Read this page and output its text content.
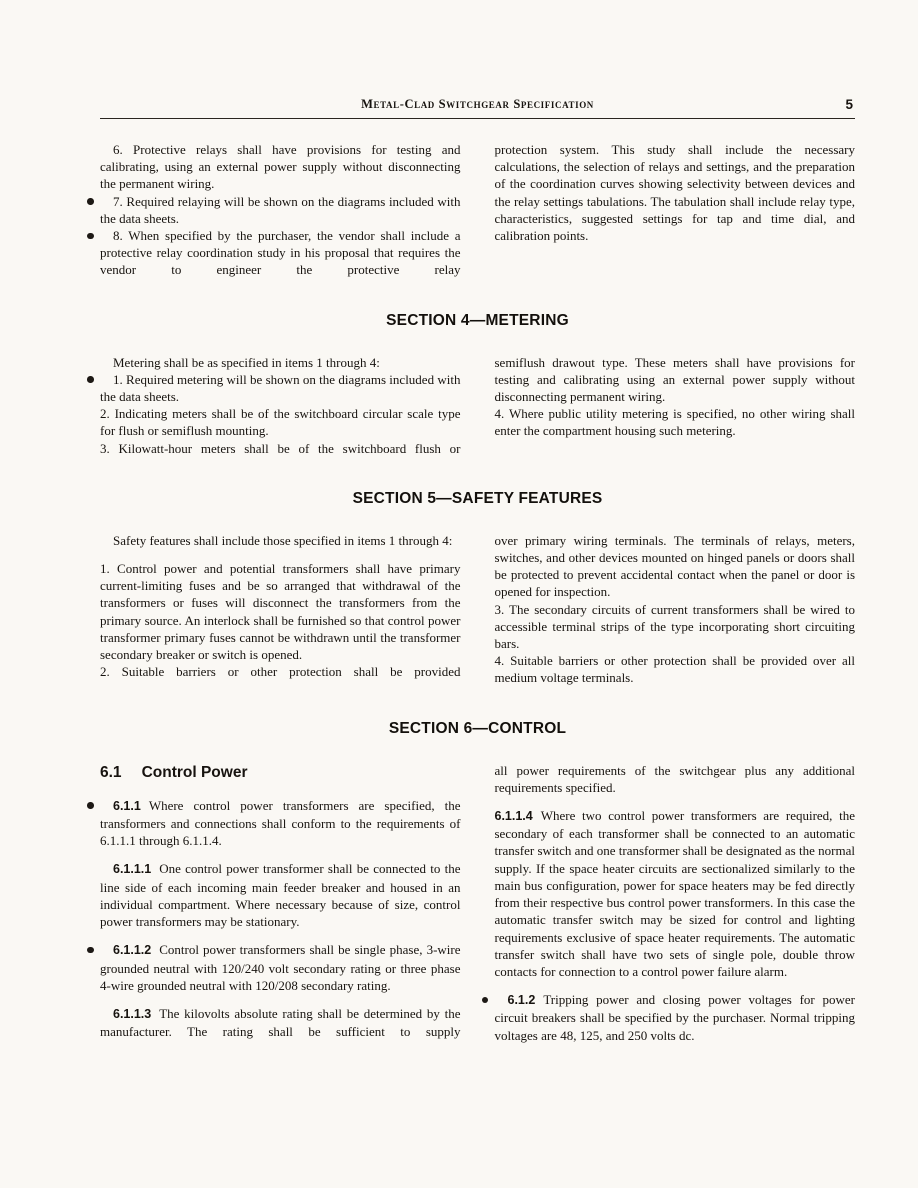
Metal-Clad Switchgear Specification	5

6. Protective relays shall have provisions for testing and calibrating, using an external power supply without disconnecting the permanent wiring.

7. Required relaying will be shown on the diagrams included with the data sheets.

8. When specified by the purchaser, the vendor shall include a protective relay coordination study in his proposal that requires the vendor to engineer the protective relay

protection system. This study shall include the necessary calculations, the selection of relays and settings, and the preparation of the coordination curves showing selectivity between devices and the relay settings tabulations. The tabulation shall include relay type, characteristics, suggested settings for tap and time dial, and calibration points.

SECTION 4—METERING

Metering shall be as specified in items 1 through 4:

1. Required metering will be shown on the diagrams included with the data sheets.

2. Indicating meters shall be of the switchboard circular scale type for flush or semiflush mounting.

3. Kilowatt-hour meters shall be of the switchboard flush or

semiflush drawout type. These meters shall have provisions for testing and calibrating using an external power supply without disconnecting permanent wiring.

4. Where public utility metering is specified, no other wiring shall enter the compartment housing such metering.

SECTION 5—SAFETY FEATURES

Safety features shall include those specified in items 1 through 4:

1. Control power and potential transformers shall have primary current-limiting fuses and be so arranged that withdrawal of the transformers or fuses will disconnect the transformers from the primary source. An interlock shall be furnished so that control power transformer primary fuses cannot be withdrawn until the transformer secondary breaker or switch is opened.

2. Suitable barriers or other protection shall be provided

over primary wiring terminals. The terminals of relays, meters, switches, and other devices mounted on hinged panels or doors shall be protected to prevent accidental contact when the panel or door is opened for inspection.

3. The secondary circuits of current transformers shall be wired to accessible terminal strips of the type incorporating short circuiting bars.

4. Suitable barriers or other protection shall be provided over all medium voltage terminals.

SECTION 6—CONTROL
6.1 Control Power

6.1.1 Where control power transformers are specified, the transformers and connections shall conform to the requirements of 6.1.1.1 through 6.1.1.4.

6.1.1.1 One control power transformer shall be connected to the line side of each incoming main feeder breaker and housed in an individual compartment. Where necessary because of size, control power transformers may be stationary.

6.1.1.2 Control power transformers shall be single phase, 3-wire grounded neutral with 120/240 volt secondary rating or three phase 4-wire grounded neutral with 120/208 secondary rating.

6.1.1.3 The kilovolts absolute rating shall be determined by the manufacturer. The rating shall be sufficient to supply

all power requirements of the switchgear plus any additional requirements specified.

6.1.1.4 Where two control power transformers are required, the secondary of each transformer shall be connected to an automatic transfer switch and one transformer shall be designated as the normal supply. If the space heater circuits are sectionalized similarly to the main bus configuration, power for space heaters may be fed directly from their respective bus control power transformers. In this case the automatic transfer switch may be sized for control and lighting requirements exclusive of space heater requirements. The automatic transfer switch shall have two sets of single pole, double throw contacts for connection to a control power failure alarm.

6.1.2 Tripping power and closing power voltages for power circuit breakers shall be specified by the purchaser. Normal tripping voltages are 48, 125, and 250 volts dc.
